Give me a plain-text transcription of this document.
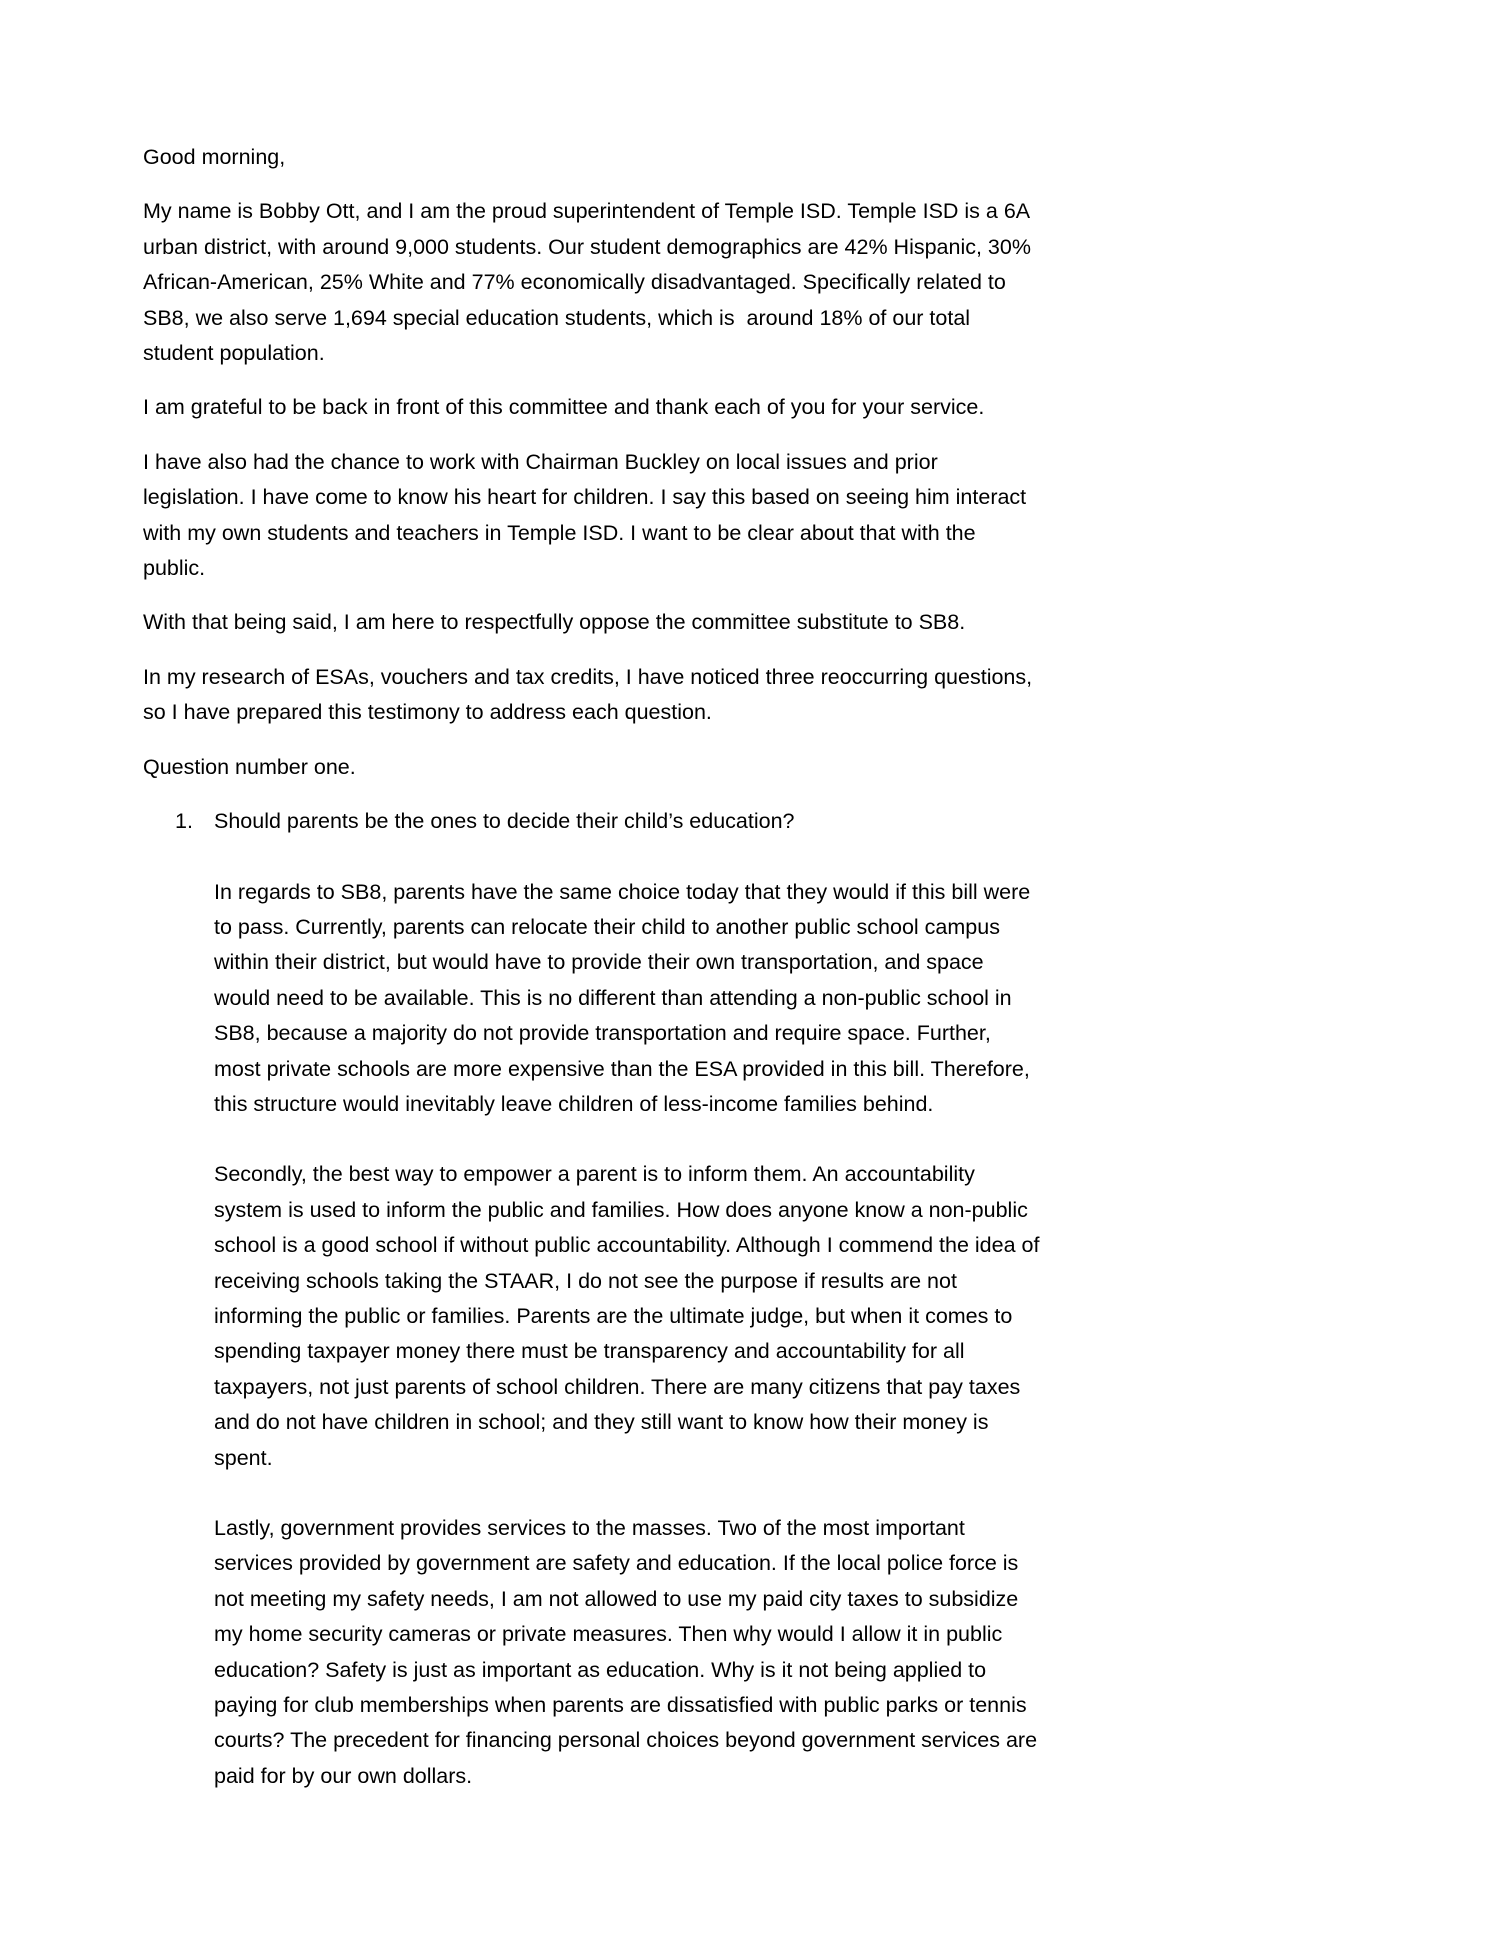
Good morning,

My name is Bobby Ott, and I am the proud superintendent of Temple ISD. Temple ISD is a 6A urban district, with around 9,000 students. Our student demographics are 42% Hispanic, 30% African-American, 25% White and 77% economically disadvantaged. Specifically related to SB8, we also serve 1,694 special education students, which is  around 18% of our total student population.

I am grateful to be back in front of this committee and thank each of you for your service.

I have also had the chance to work with Chairman Buckley on local issues and prior legislation. I have come to know his heart for children. I say this based on seeing him interact with my own students and teachers in Temple ISD. I want to be clear about that with the public.

With that being said, I am here to respectfully oppose the committee substitute to SB8.

In my research of ESAs, vouchers and tax credits, I have noticed three reoccurring questions, so I have prepared this testimony to address each question.

Question number one.

1. Should parents be the ones to decide their child’s education?

In regards to SB8, parents have the same choice today that they would if this bill were to pass. Currently, parents can relocate their child to another public school campus within their district, but would have to provide their own transportation, and space would need to be available. This is no different than attending a non-public school in SB8, because a majority do not provide transportation and require space. Further, most private schools are more expensive than the ESA provided in this bill. Therefore, this structure would inevitably leave children of less-income families behind.

Secondly, the best way to empower a parent is to inform them. An accountability system is used to inform the public and families. How does anyone know a non-public school is a good school if without public accountability. Although I commend the idea of receiving schools taking the STAAR, I do not see the purpose if results are not informing the public or families. Parents are the ultimate judge, but when it comes to spending taxpayer money there must be transparency and accountability for all taxpayers, not just parents of school children. There are many citizens that pay taxes and do not have children in school; and they still want to know how their money is spent.

Lastly, government provides services to the masses. Two of the most important services provided by government are safety and education. If the local police force is not meeting my safety needs, I am not allowed to use my paid city taxes to subsidize my home security cameras or private measures. Then why would I allow it in public education? Safety is just as important as education. Why is it not being applied to paying for club memberships when parents are dissatisfied with public parks or tennis courts? The precedent for financing personal choices beyond government services are paid for by our own dollars.
